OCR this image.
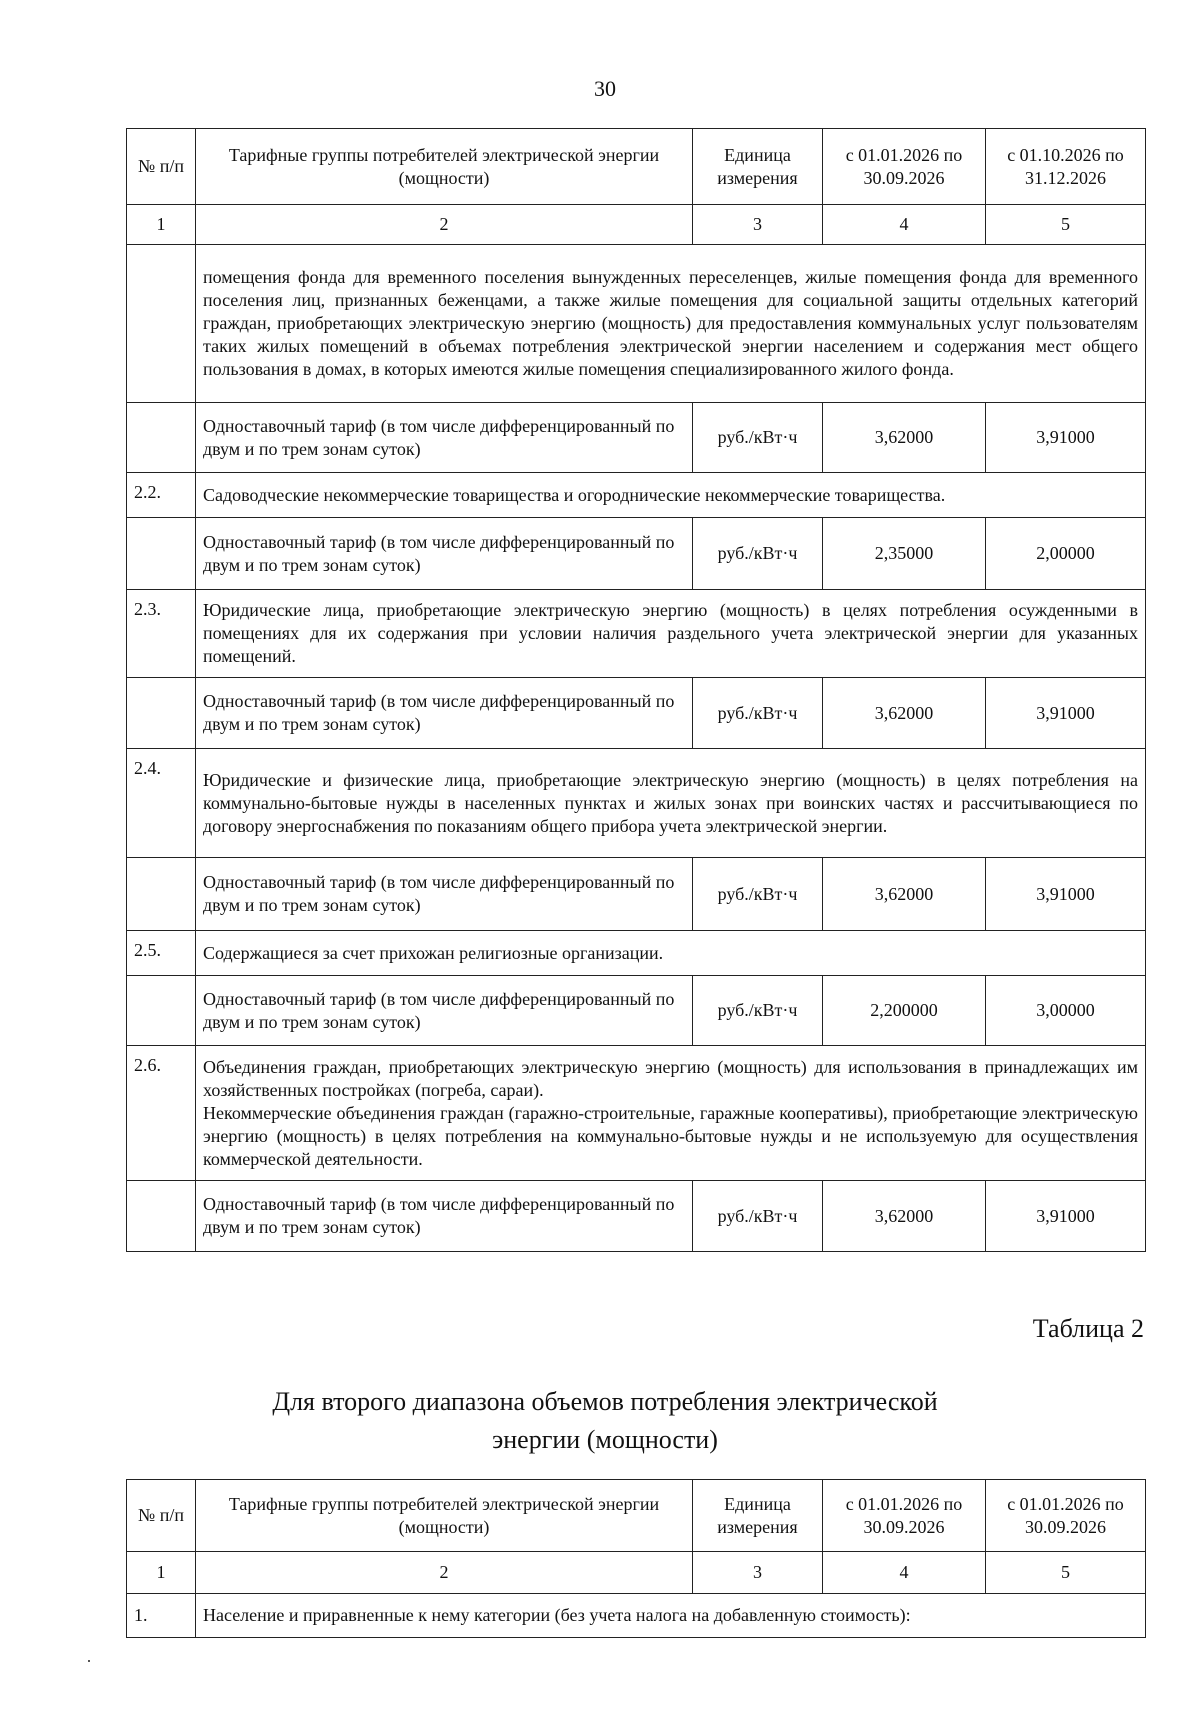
30
№ п/п	Тарифные группы потребителей электрической энергии (мощности)	Единица измерения	с 01.01.2026 по 30.09.2026	с 01.10.2026 по 31.12.2026
1	2	3	4	5
	помещения фонда для временного поселения вынужденных переселенцев, жилые помещения фонда для временного поселения лиц, признанных беженцами, а также жилые помещения для социальной защиты отдельных категорий граждан, приобретающих электрическую энергию (мощность) для предоставления коммунальных услуг пользователям таких жилых помещений в объемах потребления электрической энергии населением и содержания мест общего пользования в домах, в которых имеются жилые помещения специализированного жилого фонда.			
	Одноставочный тариф (в том числе дифференцированный по двум и по трем зонам суток)	руб./кВт·ч	3,62000	3,91000
2.2.	Садоводческие некоммерческие товарищества и огороднические некоммерческие товарищества.			
	Одноставочный тариф (в том числе дифференцированный по двум и по трем зонам суток)	руб./кВт·ч	2,35000	2,00000
2.3.	Юридические лица, приобретающие электрическую энергию (мощность) в целях потребления осужденными в помещениях для их содержания при условии наличия раздельного учета электрической энергии для указанных помещений.			
	Одноставочный тариф (в том числе дифференцированный по двум и по трем зонам суток)	руб./кВт·ч	3,62000	3,91000
2.4.	Юридические и физические лица, приобретающие электрическую энергию (мощность) в целях потребления на коммунально-бытовые нужды в населенных пунктах и жилых зонах при воинских частях и рассчитывающиеся по договору энергоснабжения по показаниям общего прибора учета электрической энергии.			
	Одноставочный тариф (в том числе дифференцированный по двум и по трем зонам суток)	руб./кВт·ч	3,62000	3,91000
2.5.	Содержащиеся за счет прихожан религиозные организации.			
	Одноставочный тариф (в том числе дифференцированный по двум и по трем зонам суток)	руб./кВт·ч	2,200000	3,00000
2.6.	Объединения граждан, приобретающих электрическую энергию (мощность) для использования в принадлежащих им хозяйственных постройках (погреба, сараи).
Некоммерческие объединения граждан (гаражно-строительные, гаражные кооперативы), приобретающие электрическую энергию (мощность) в целях потребления на коммунально-бытовые нужды и не используемую для осуществления коммерческой деятельности.			

	Одноставочный тариф (в том числе дифференцированный по двум и по трем зонам суток)	руб./кВт·ч	3,62000	3,91000
Таблица 2
Для второго диапазона объемов потребления электрической
энергии (мощности)
№ п/п	Тарифные группы потребителей электрической энергии (мощности)	Единица измерения	с 01.01.2026 по 30.09.2026	с 01.01.2026 по 30.09.2026
1	2	3	4	5
1.	Население и приравненные к нему категории (без учета налога на добавленную стоимость):			
